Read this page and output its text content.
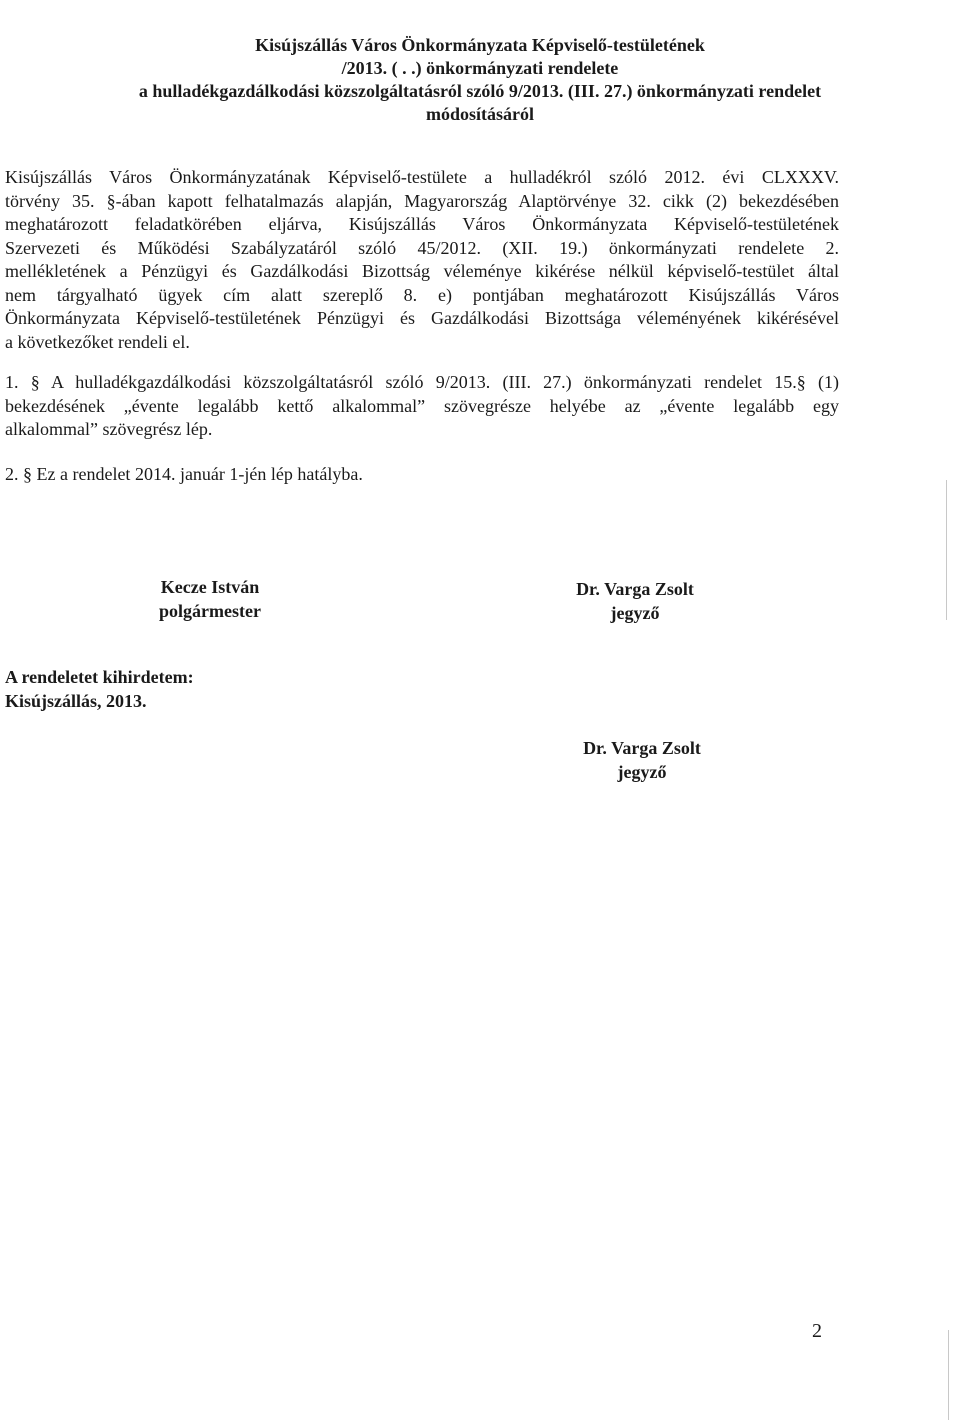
Kisújszállás Város Önkormányzata Képviselő-testületének
/2013. ( . .) önkormányzati rendelete
a hulladékgazdálkodási közszolgáltatásról szóló 9/2013. (III. 27.) önkormányzati rendelet
módosításáról
Kisújszállás Város Önkormányzatának Képviselő-testülete a hulladékról szóló 2012. évi CLXXXV.
törvény 35. §-ában kapott felhatalmazás alapján, Magyarország Alaptörvénye 32. cikk (2) bekezdésében
meghatározott feladatkörében eljárva, Kisújszállás Város Önkormányzata Képviselő-testületének
Szervezeti és Működési Szabályzatáról szóló 45/2012. (XII. 19.) önkormányzati rendelete 2.
mellékletének a Pénzügyi és Gazdálkodási Bizottság véleménye kikérése nélkül képviselő-testület által
nem tárgyalható ügyek cím alatt szereplő 8. e) pontjában meghatározott Kisújszállás Város
Önkormányzata Képviselő-testületének Pénzügyi és Gazdálkodási Bizottsága véleményének kikérésével
a következőket rendeli el.
1. § A hulladékgazdálkodási közszolgáltatásról szóló 9/2013. (III. 27.) önkormányzati rendelet 15.§ (1)
bekezdésének „évente legalább kettő alkalommal” szövegrésze helyébe az „évente legalább egy
alkalommal” szövegrész lép.
2. § Ez a rendelet 2014. január 1-jén lép hatályba.
Kecze István
polgármester
Dr. Varga Zsolt
jegyző
A rendeletet kihirdetem:
Kisújszállás, 2013.
Dr. Varga Zsolt
jegyző
2
